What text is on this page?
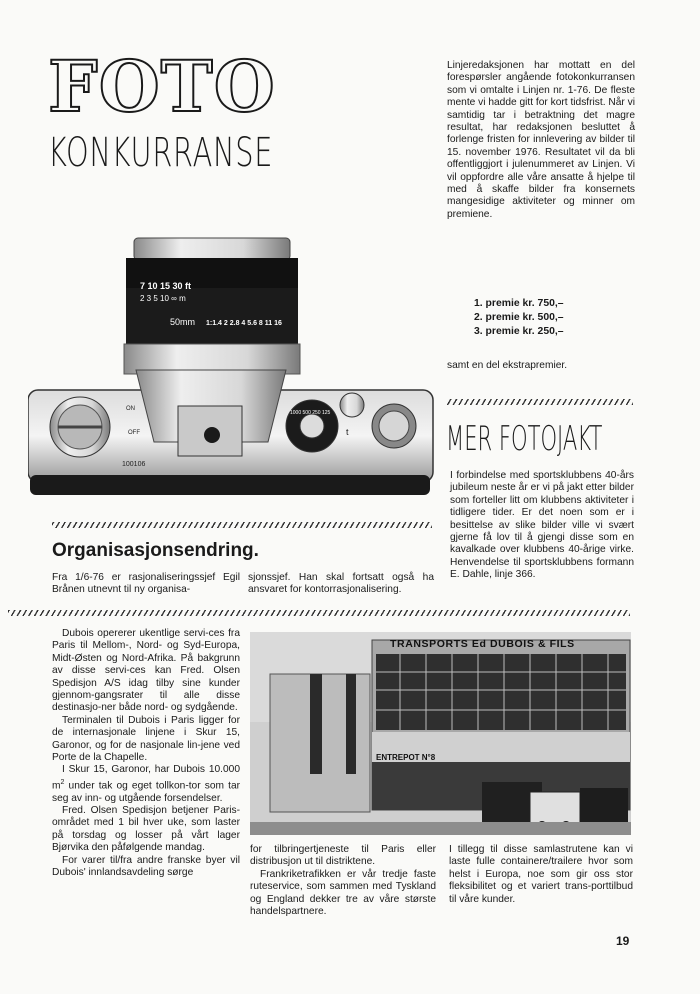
FOTO
KONKURRANSE

Linjeredaksjonen har mottatt en del forespørsler angående fotokonkurransen som vi omtalte i Linjen nr. 1-76. De fleste mente vi hadde gitt for kort tidsfrist. Når vi samtidig tar i betraktning det magre resultat, har redaksjonen besluttet å forlenge fristen for innlevering av bilder til 15. november 1976. Resultatet vil da bli offentliggjort i julenummeret av Linjen. Vi vil oppfordre alle våre ansatte å hjelpe til med å skaffe bilder fra konsernets mangesidige aktiviteter og minner om premiene.

1. premie kr. 750,–
2. premie kr. 500,–
3. premie kr. 250,–
samt en del ekstrapremier.
7 10 15 30 ft
2 3 5 10 ∞ m
50mm 1:1.4 2 2.8 4 5.6 8 11 16
ON
OFF
100106
1000 500 250 125
t	MER FOTOJAKT

I forbindelse med sportsklubbens 40-års jubileum neste år er vi på jakt etter bilder som forteller litt om klubbens aktiviteter i tidligere tider. Er det noen som er i besittelse av slike bilder ville vi svært gjerne få lov til å gjengi disse som en kavalkade over klubbens 40-årige virke. Henvendelse til sportsklubbens formann E. Dahle, linje 366.

Organisasjonsendring.
Fra 1/6-76 er rasjonaliseringssjef Egil Brånen utnevnt til ny organisa-
sjonssjef. Han skal fortsatt også ha ansvaret for kontorrasjonalisering.

Dubois opererer ukentlige servi-ces fra Paris til Mellom-, Nord- og Syd-Europa, Midt-Østen og Nord-Afrika. På bakgrunn av disse servi-ces kan Fred. Olsen Spedisjon A/S idag tilby sine kunder gjennom-gangsrater til alle disse destinasjo-ner både nord- og sydgående.

Terminalen til Dubois i Paris ligger for de internasjonale linjene i Skur 15, Garonor, og for de nasjonale lin-jene ved Porte de la Chapelle.

I Skur 15, Garonor, har Dubois 10.000 $m^2$ under tak og eget tollkon-tor som tar seg av inn- og utgående forsendelser.

Fred. Olsen Spedisjon betjener Paris-området med 1 bil hver uke, som laster på torsdag og losser på vårt lager Bjørvika den påfølgende mandag.

For varer til/fra andre franske byer vil Dubois' innlandsavdeling sørge

TRANSPORTS Ed DUBOIS & FILS
ENTREPOT N°8

for tilbringertjeneste til Paris eller distribusjon ut til distriktene.

Frankriketrafikken er vår tredje faste ruteservice, som sammen med Tyskland og England dekker tre av våre største handelspartnere.

I tillegg til disse samlastrutene kan vi laste fulle containere/trailere hvor som helst i Europa, noe som gir oss stor fleksibilitet og et variert trans-porttilbud til våre kunder.

19
